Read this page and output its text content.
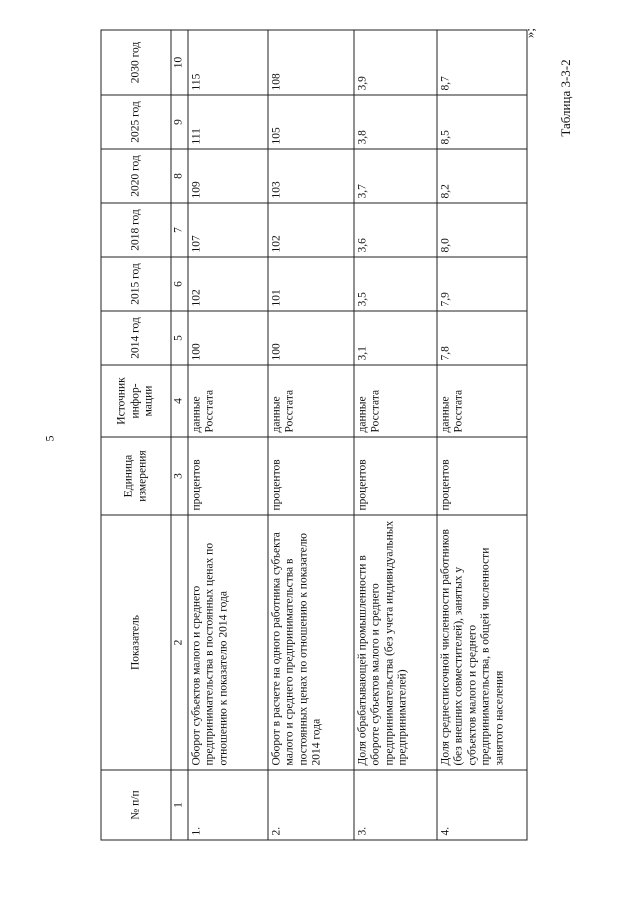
5
Таблица 3-3-2
»;
№ п/п	Показатель	Единица измерения	Источник инфор-мации	2014 год	2015 год	2018 год	2020 год	2025 год	2030 год
1	2	3	4	5	6	7	8	9	10
1.	Оборот субъектов малого и среднего предпринимательства в постоянных ценах по отношению к показателю 2014 года	процентов	данные Росстата	100	102	107	109	111	115
2.	Оборот в расчете на одного работника субъекта малого и среднего предпринимательства в постоянных ценах по отношению к показателю 2014 года	процентов	данные Росстата	100	101	102	103	105	108
3.	Доля обрабатывающей промышленности в обороте субъектов малого и среднего предпринимательства (без учета индивидуальных предпринимателей)	процентов	данные Росстата	3,1	3,5	3,6	3,7	3,8	3,9
4.	Доля среднесписочной численности работников (без внешних совместителей), занятых у субъектов малого и среднего предпринимательства, в общей численности занятого населения	процентов	данные Росстата	7,8	7,9	8,0	8,2	8,5	8,7
